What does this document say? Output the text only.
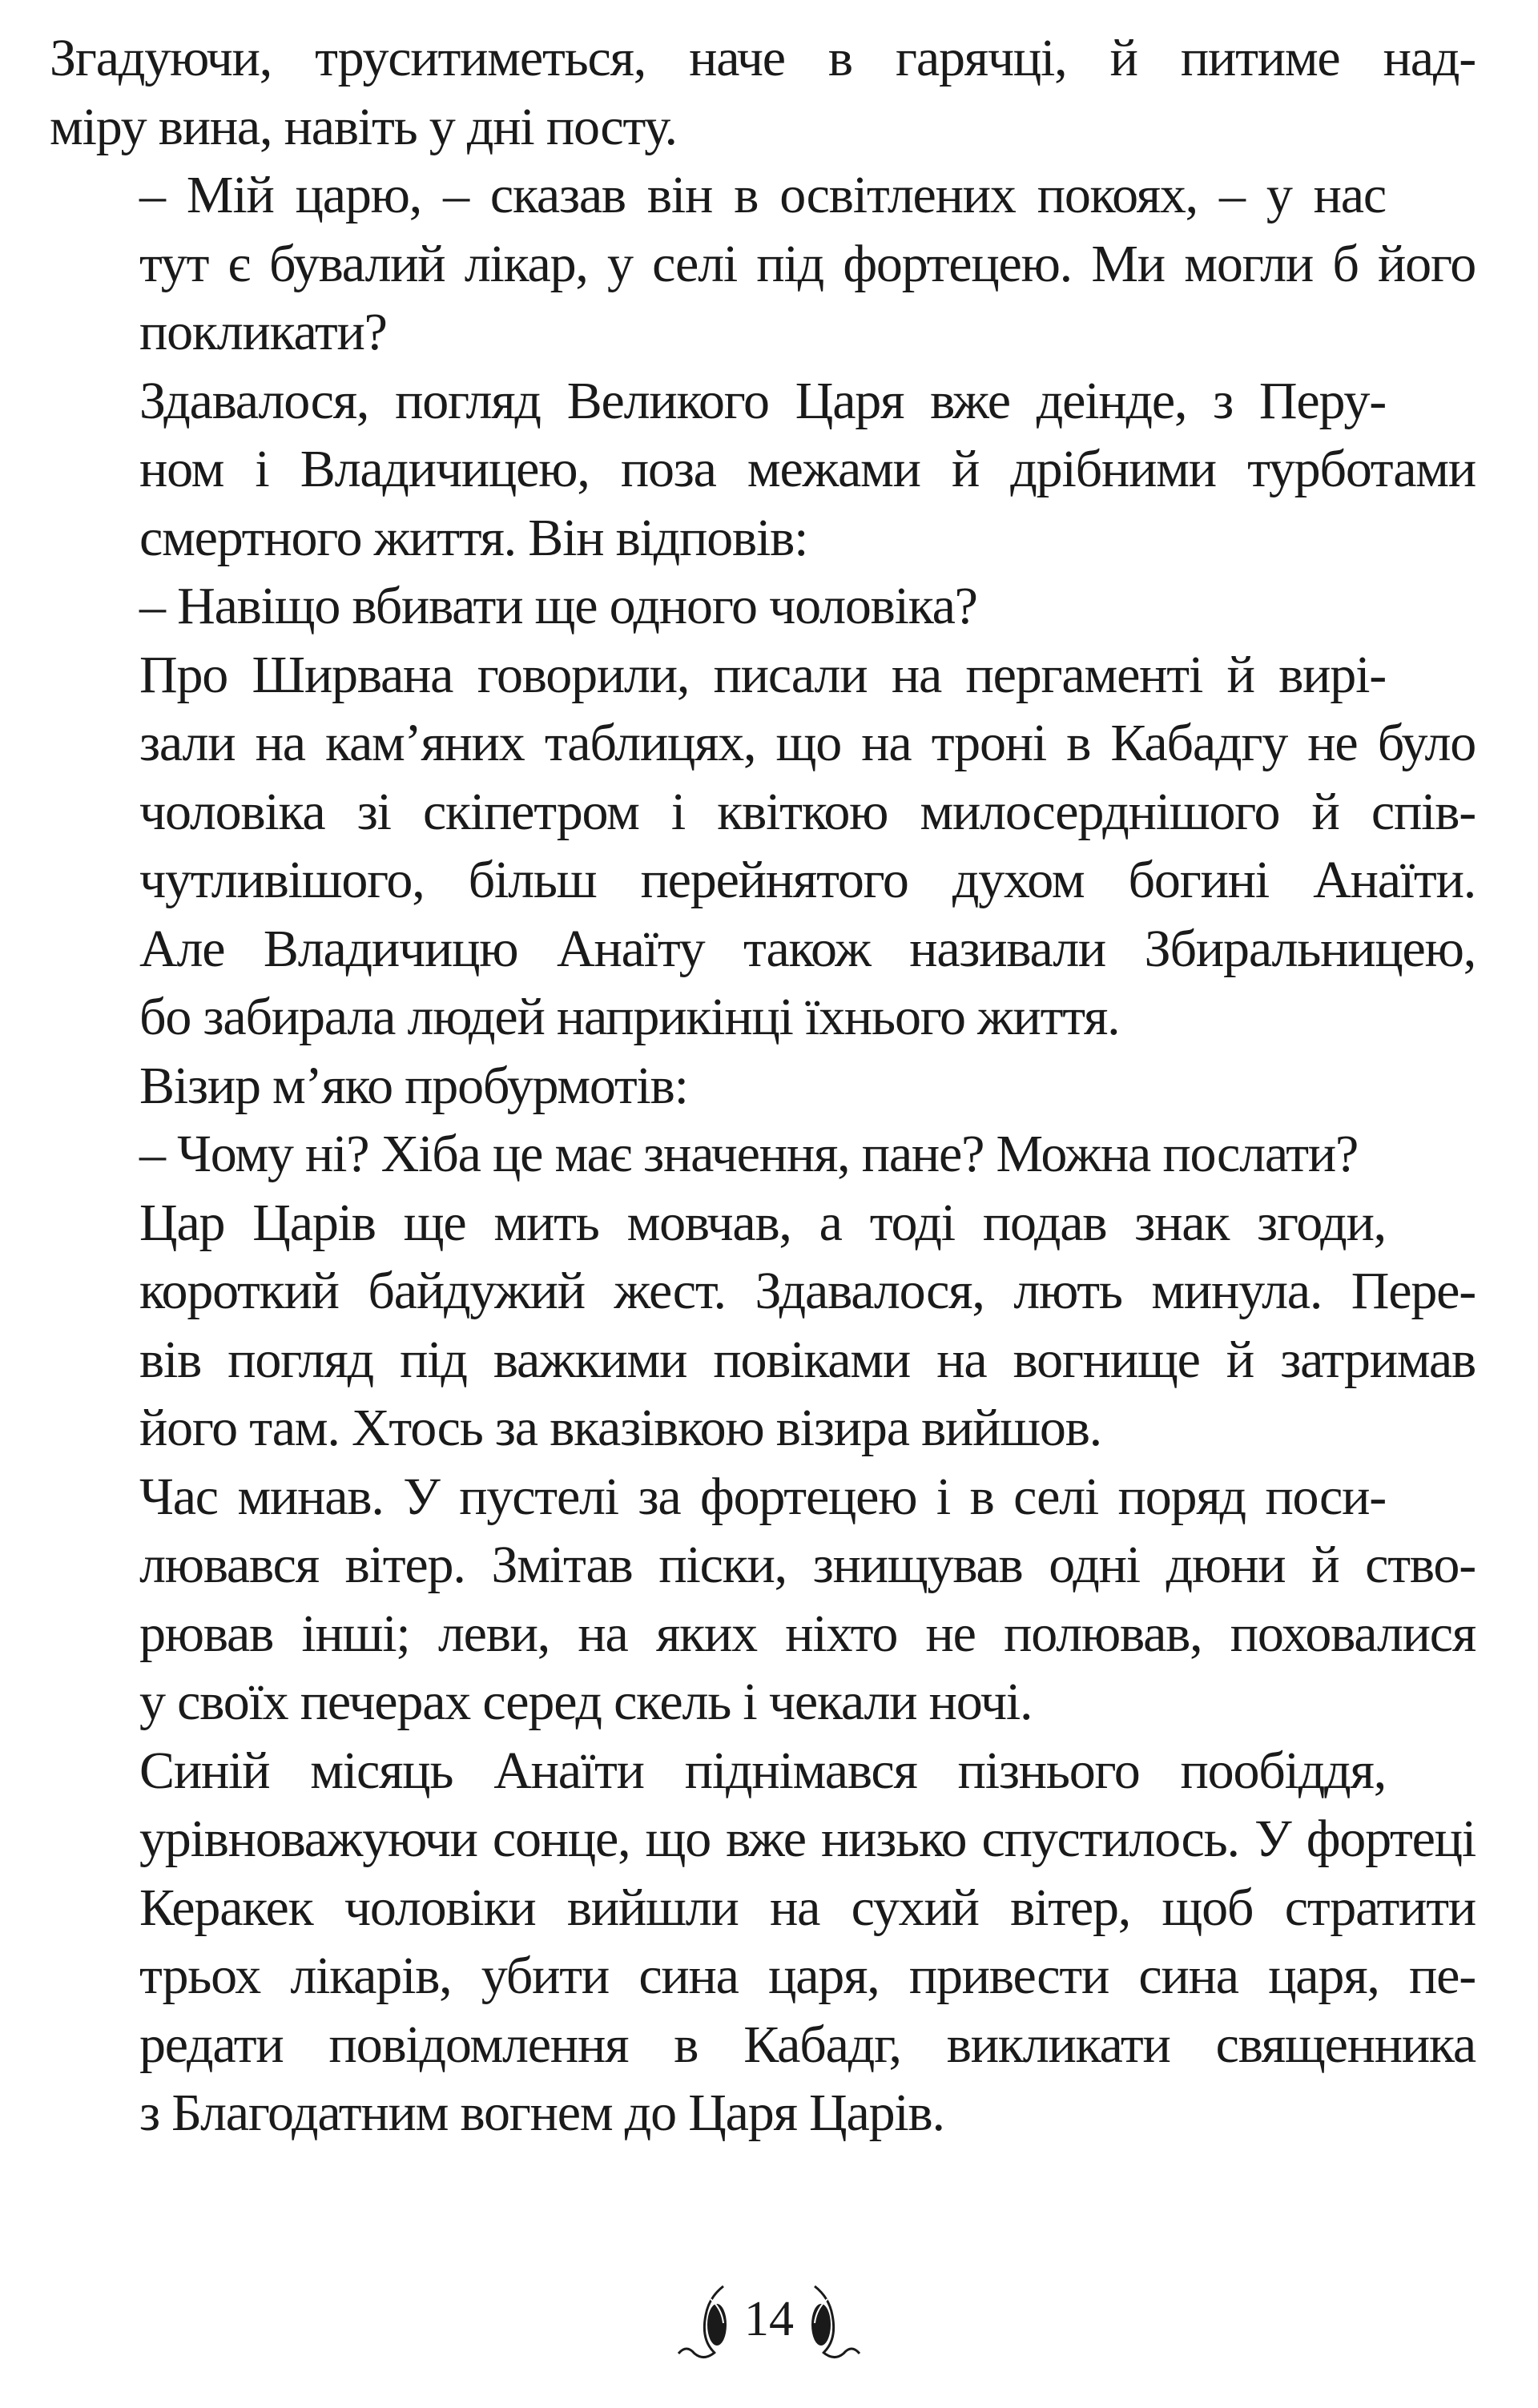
Згадуючи, труситиметься, наче в гарячці, й питиме над-
міру вина, навіть у дні посту.

– Мій царю, – сказав він в освітлених покоях, – у нас
тут є бувалий лікар, у селі під фортецею. Ми могли б його
покликати?

Здавалося, погляд Великого Царя вже деінде, з Перу-
ном і Владичицею, поза межами й дрібними турботами
смертного життя. Він відповів:

– Навіщо вбивати ще одного чоловіка?

Про Ширвана говорили, писали на пергаменті й вирі-
зали на кам’яних таблицях, що на троні в Кабадгу не було
чоловіка зі скіпетром і квіткою милосерднішого й спів-
чутливішого, більш перейнятого духом богині Анаїти.
Але Владичицю Анаїту також називали Збиральницею,
бо забирала людей наприкінці їхнього життя.

Візир м’яко пробурмотів:

– Чому ні? Хіба це має значення, пане? Можна послати?

Цар Царів ще мить мовчав, а тоді подав знак згоди,
короткий байдужий жест. Здавалося, лють минула. Пере-
вів погляд під важкими повіками на вогнище й затримав
його там. Хтось за вказівкою візира вийшов.

Час минав. У пустелі за фортецею і в селі поряд поси-
лювався вітер. Змітав піски, знищував одні дюни й ство-
рював інші; леви, на яких ніхто не полював, поховалися
у своїх печерах серед скель і чекали ночі.

Синій місяць Анаїти піднімався пізнього пообіддя,
урівноважуючи сонце, що вже низько спустилось. У фортеці
Керакек чоловіки вийшли на сухий вітер, щоб стратити
трьох лікарів, убити сина царя, привести сина царя, пе-
редати повідомлення в Кабадг, викликати священника
з Благодатним вогнем до Царя Царів.

14
